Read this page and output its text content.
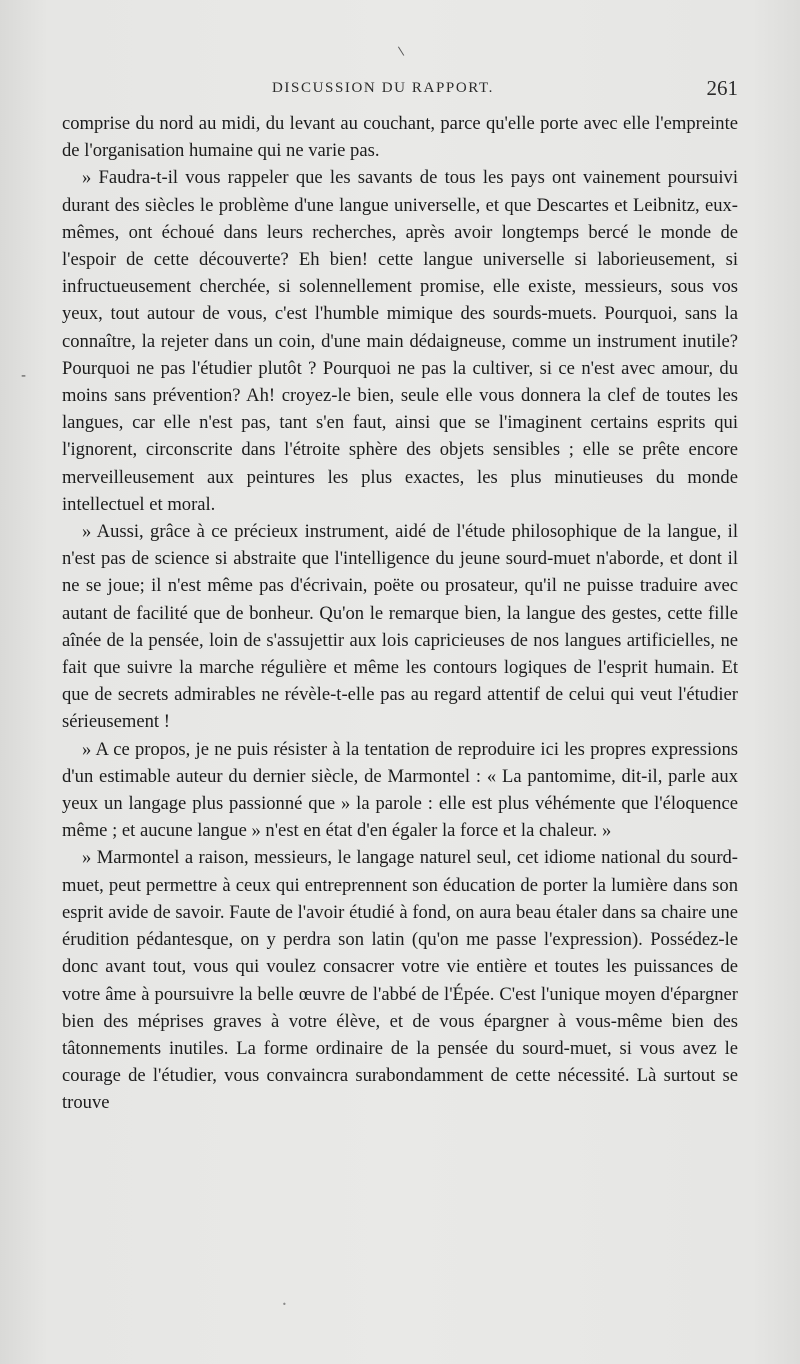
\
DISCUSSION DU RAPPORT.	261
-

comprise du nord au midi, du levant au couchant, parce qu'elle porte avec elle l'empreinte de l'organisation humaine qui ne varie pas.

» Faudra-t-il vous rappeler que les savants de tous les pays ont vainement poursuivi durant des siècles le problème d'une langue universelle, et que Descartes et Leibnitz, eux-mêmes, ont échoué dans leurs recherches, après avoir longtemps bercé le monde de l'espoir de cette découverte? Eh bien! cette langue universelle si laborieusement, si infructueusement cherchée, si solennellement promise, elle existe, messieurs, sous vos yeux, tout autour de vous, c'est l'humble mimique des sourds-muets. Pourquoi, sans la connaître, la rejeter dans un coin, d'une main dédaigneuse, comme un instrument inutile? Pourquoi ne pas l'étudier plutôt ? Pourquoi ne pas la cultiver, si ce n'est avec amour, du moins sans prévention? Ah! croyez-le bien, seule elle vous donnera la clef de toutes les langues, car elle n'est pas, tant s'en faut, ainsi que se l'imaginent certains esprits qui l'ignorent, circonscrite dans l'étroite sphère des objets sensibles ; elle se prête encore merveilleusement aux peintures les plus exactes, les plus minutieuses du monde intellectuel et moral.

» Aussi, grâce à ce précieux instrument, aidé de l'étude philosophique de la langue, il n'est pas de science si abstraite que l'intelligence du jeune sourd-muet n'aborde, et dont il ne se joue; il n'est même pas d'écrivain, poëte ou prosateur, qu'il ne puisse traduire avec autant de facilité que de bonheur. Qu'on le remarque bien, la langue des gestes, cette fille aînée de la pensée, loin de s'assujettir aux lois capricieuses de nos langues artificielles, ne fait que suivre la marche régulière et même les contours logiques de l'esprit humain. Et que de secrets admirables ne révèle-t-elle pas au regard attentif de celui qui veut l'étudier sérieusement !

» A ce propos, je ne puis résister à la tentation de reproduire ici les propres expressions d'un estimable auteur du dernier siècle, de Marmontel : « La pantomime, dit-il, parle aux yeux un langage plus passionné que » la parole : elle est plus véhémente que l'éloquence même ; et aucune langue » n'est en état d'en égaler la force et la chaleur. »

» Marmontel a raison, messieurs, le langage naturel seul, cet idiome national du sourd-muet, peut permettre à ceux qui entreprennent son éducation de porter la lumière dans son esprit avide de savoir. Faute de l'avoir étudié à fond, on aura beau étaler dans sa chaire une érudition pédantesque, on y perdra son latin (qu'on me passe l'expression). Possédez-le donc avant tout, vous qui voulez consacrer votre vie entière et toutes les puissances de votre âme à poursuivre la belle œuvre de l'abbé de l'Épée. C'est l'unique moyen d'épargner bien des méprises graves à votre élève, et de vous épargner à vous-même bien des tâtonnements inutiles. La forme ordinaire de la pensée du sourd-muet, si vous avez le courage de l'étudier, vous convaincra surabondamment de cette nécessité. Là surtout se trouve

•
